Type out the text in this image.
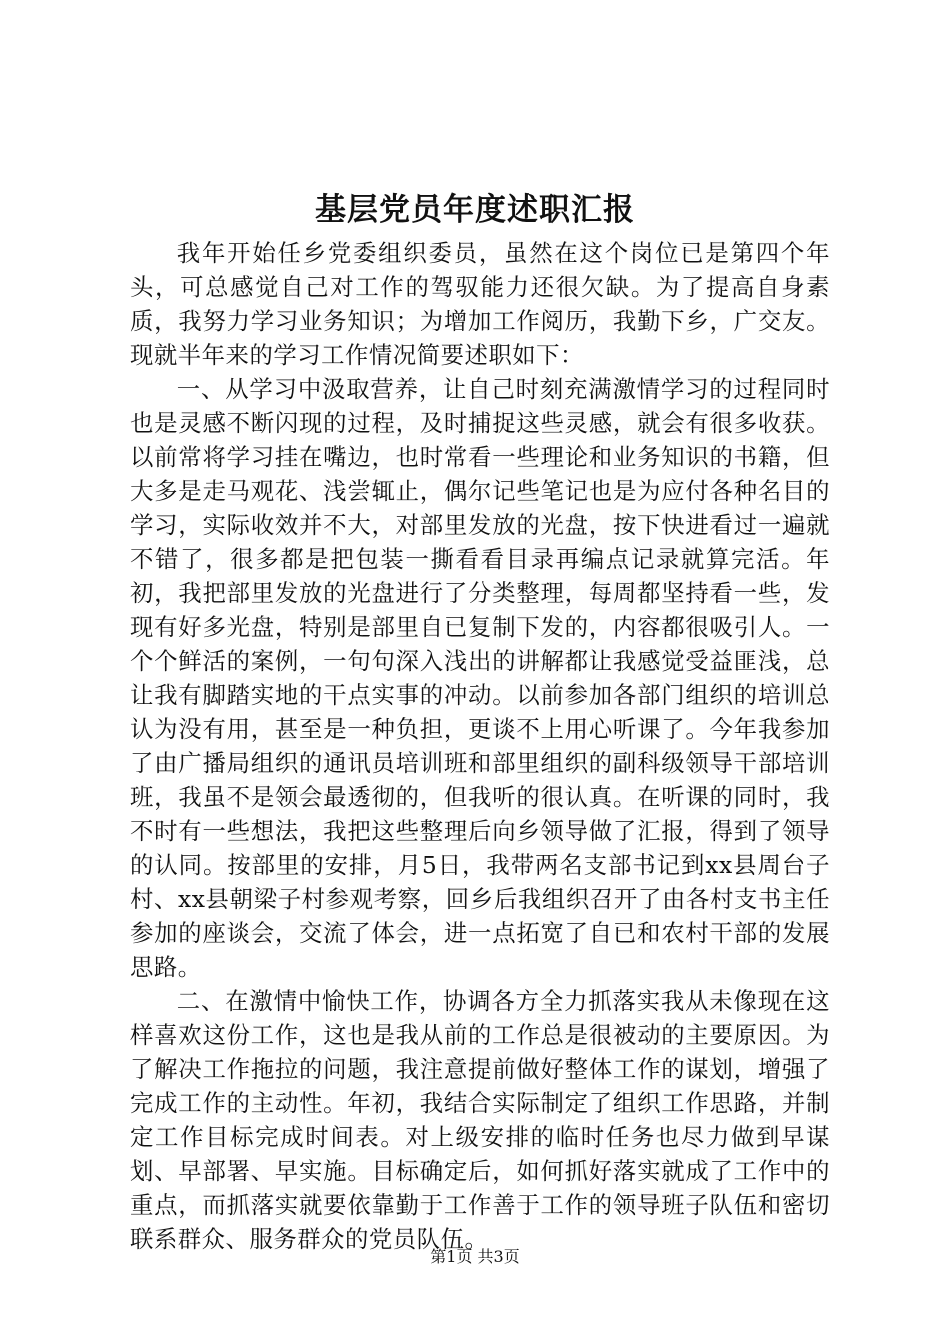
基层党员年度述职汇报

我年开始任乡党委组织委员，虽然在这个岗位已是第四个年头，可总感觉自己对工作的驾驭能力还很欠缺。为了提高自身素质，我努力学习业务知识；为增加工作阅历，我勤下乡，广交友。现就半年来的学习工作情况简要述职如下：

一、从学习中汲取营养，让自己时刻充满激情学习的过程同时也是灵感不断闪现的过程，及时捕捉这些灵感，就会有很多收获。以前常将学习挂在嘴边，也时常看一些理论和业务知识的书籍，但大多是走马观花、浅尝辄止，偶尔记些笔记也是为应付各种名目的学习，实际收效并不大，对部里发放的光盘，按下快进看过一遍就不错了，很多都是把包装一撕看看目录再编点记录就算完活。年初，我把部里发放的光盘进行了分类整理，每周都坚持看一些，发现有好多光盘，特别是部里自已复制下发的，内容都很吸引人。一个个鲜活的案例，一句句深入浅出的讲解都让我感觉受益匪浅，总让我有脚踏实地的干点实事的冲动。以前参加各部门组织的培训总认为没有用，甚至是一种负担，更谈不上用心听课了。今年我参加了由广播局组织的通讯员培训班和部里组织的副科级领导干部培训班，我虽不是领会最透彻的，但我听的很认真。在听课的同时，我不时有一些想法，我把这些整理后向乡领导做了汇报，得到了领导的认同。按部里的安排，月5日，我带两名支部书记到xx县周台子村、xx县朝梁子村参观考察，回乡后我组织召开了由各村支书主任参加的座谈会，交流了体会，进一点拓宽了自已和农村干部的发展思路。

二、在激情中愉快工作，协调各方全力抓落实我从未像现在这样喜欢这份工作，这也是我从前的工作总是很被动的主要原因。为了解决工作拖拉的问题，我注意提前做好整体工作的谋划，增强了完成工作的主动性。年初，我结合实际制定了组织工作思路，并制定工作目标完成时间表。对上级安排的临时任务也尽力做到早谋划、早部署、早实施。目标确定后，如何抓好落实就成了工作中的重点，而抓落实就要依靠勤于工作善于工作的领导班子队伍和密切联系群众、服务群众的党员队伍。

第1页 共3页
